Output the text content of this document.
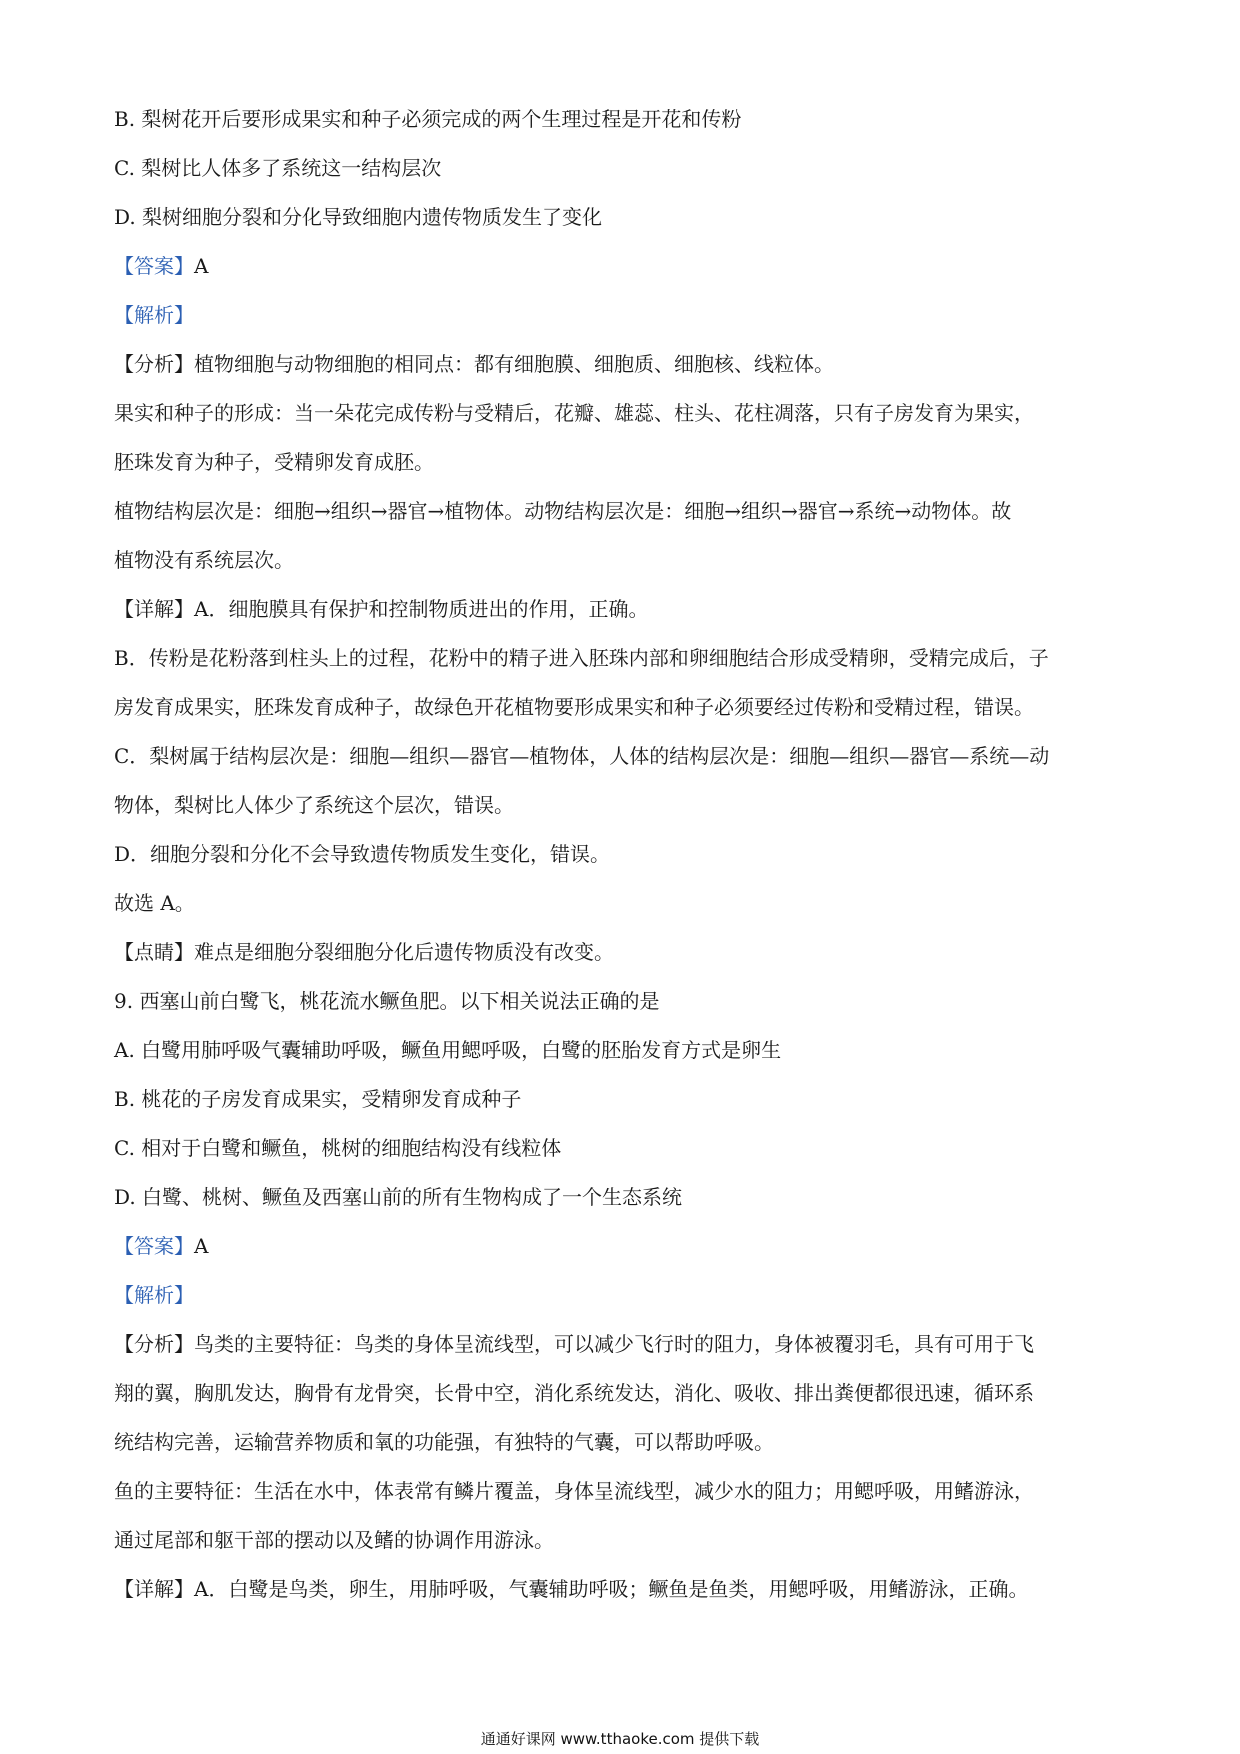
B. 梨树花开后要形成果实和种子必须完成的两个生理过程是开花和传粉
C. 梨树比人体多了系统这一结构层次
D. 梨树细胞分裂和分化导致细胞内遗传物质发生了变化
【答案】A
【解析】
【分析】植物细胞与动物细胞的相同点：都有细胞膜、细胞质、细胞核、线粒体。
果实和种子的形成：当一朵花完成传粉与受精后，花瓣、雄蕊、柱头、花柱凋落，只有子房发育为果实，
胚珠发育为种子，受精卵发育成胚。
植物结构层次是：细胞→组织→器官→植物体。动物结构层次是：细胞→组织→器官→系统→动物体。故
植物没有系统层次。
【详解】A．细胞膜具有保护和控制物质进出的作用，正确。
B．传粉是花粉落到柱头上的过程，花粉中的精子进入胚珠内部和卵细胞结合形成受精卵，受精完成后，子
房发育成果实，胚珠发育成种子，故绿色开花植物要形成果实和种子必须要经过传粉和受精过程，错误。
C．梨树属于结构层次是：细胞—组织—器官—植物体，人体的结构层次是：细胞—组织—器官—系统—动
物体，梨树比人体少了系统这个层次，错误。
D．细胞分裂和分化不会导致遗传物质发生变化，错误。
故选 A。
【点睛】难点是细胞分裂细胞分化后遗传物质没有改变。
9. 西塞山前白鹭飞，桃花流水鳜鱼肥。以下相关说法正确的是
A. 白鹭用肺呼吸气囊辅助呼吸，鳜鱼用鳃呼吸，白鹭的胚胎发育方式是卵生
B. 桃花的子房发育成果实，受精卵发育成种子
C. 相对于白鹭和鳜鱼，桃树的细胞结构没有线粒体
D. 白鹭、桃树、鳜鱼及西塞山前的所有生物构成了一个生态系统
【答案】A
【解析】
【分析】鸟类的主要特征：鸟类的身体呈流线型，可以减少飞行时的阻力，身体被覆羽毛，具有可用于飞
翔的翼，胸肌发达，胸骨有龙骨突，长骨中空，消化系统发达，消化、吸收、排出粪便都很迅速，循环系
统结构完善，运输营养物质和氧的功能强，有独特的气囊，可以帮助呼吸。
鱼的主要特征：生活在水中，体表常有鳞片覆盖，身体呈流线型，减少水的阻力；用鳃呼吸，用鳍游泳，
通过尾部和躯干部的摆动以及鳍的协调作用游泳。
【详解】A．白鹭是鸟类，卵生，用肺呼吸，气囊辅助呼吸；鳜鱼是鱼类，用鳃呼吸，用鳍游泳，正确。
通通好课网 www.tthaoke.com 提供下载
